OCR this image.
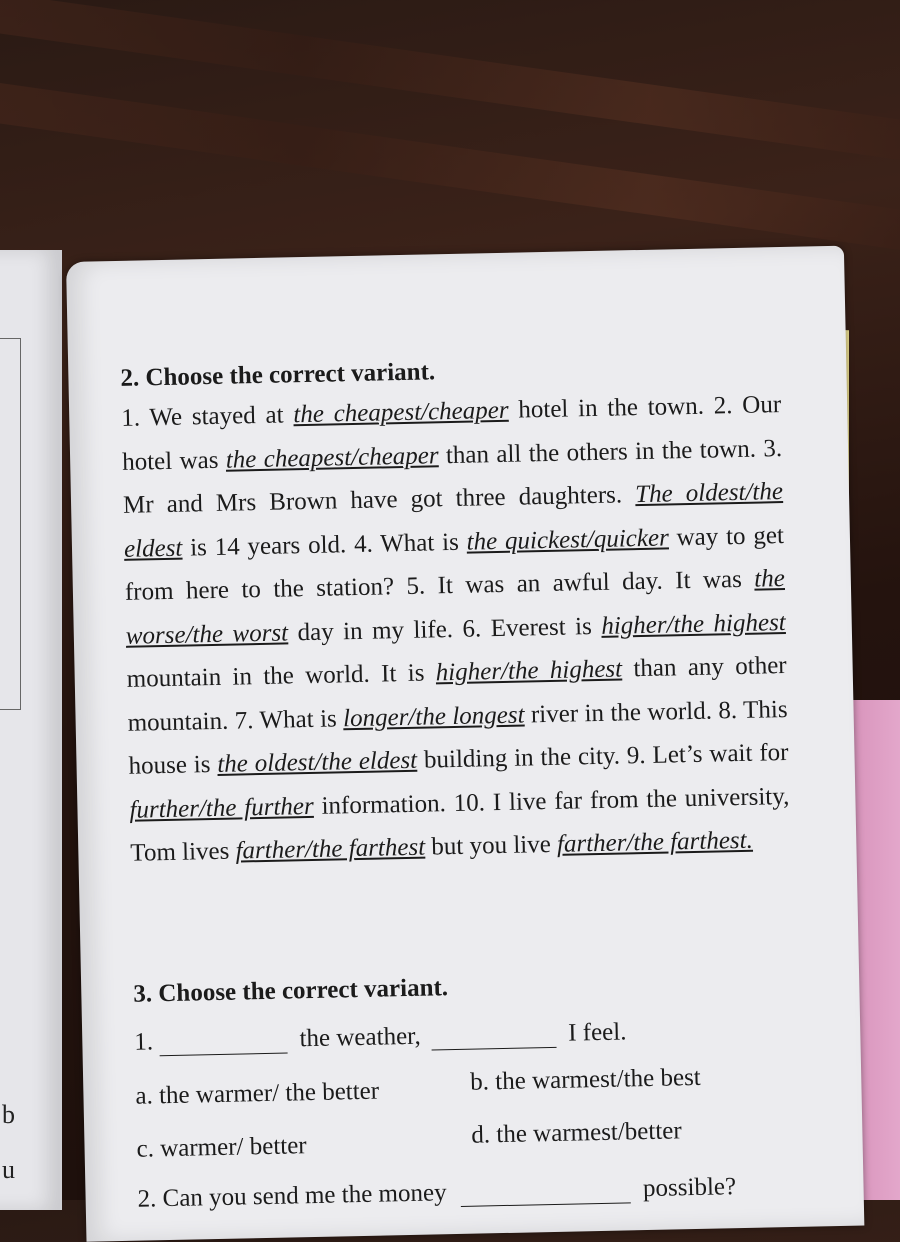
b
u

2. Choose the correct variant.

1. We stayed at the cheapest/cheaper hotel in the town. 2. Our hotel was the cheapest/cheaper than all the others in the town. 3. Mr and Mrs Brown have got three daughters. The oldest/the eldest is 14 years old. 4. What is the quickest/quicker way to get from here to the station? 5. It was an awful day. It was the worse/the worst day in my life. 6. Everest is higher/the highest mountain in the world. It is higher/the highest than any other mountain. 7. What is longer/the longest river in the world. 8. This house is the oldest/the eldest building in the city. 9. Let’s wait for further/the further information. 10. I live far from the university, Tom lives farther/the farthest but you live farther/the farthest.

3. Choose the correct variant.
1.	the weather,	I feel.
a. the warmer/ the better	b. the warmest/the best
c. warmer/ better	d. the warmest/better
2. Can you send me the money	possible?
